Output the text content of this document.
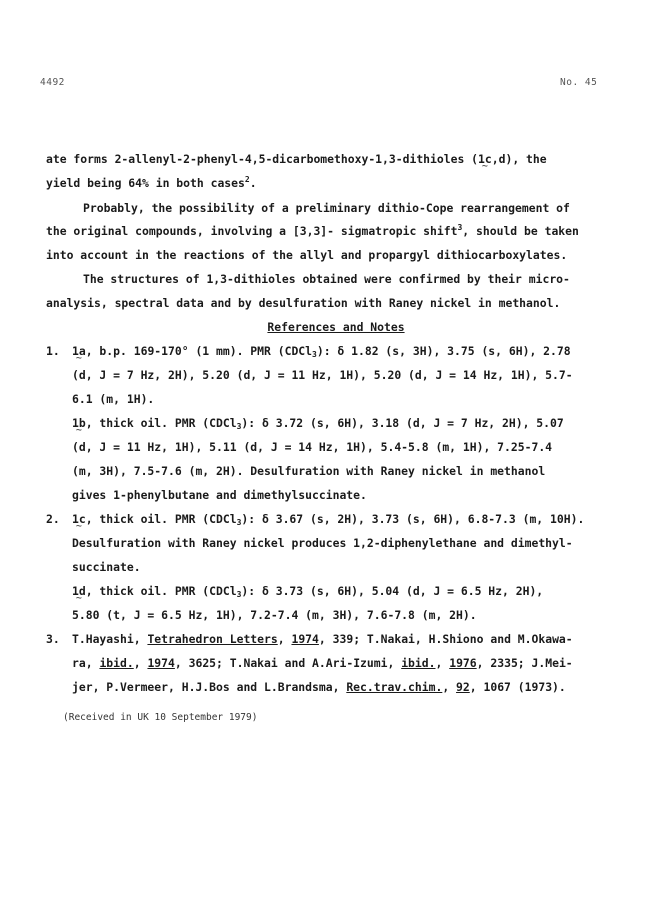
4492	No. 45
ate forms 2-allenyl-2-phenyl-4,5-dicarbomethoxy-1,3-dithioles (1c ~,d), the
yield being 64% in both cases$^2$.
Probably, the possibility of a preliminary dithio-Cope rearrangement of
the original compounds, involving a [3,3]- sigmatropic shift$^3$, should be taken
into account in the reactions of the allyl and propargyl dithiocarboxylates.
The structures of 1,3-dithioles obtained were confirmed by their micro-
analysis, spectral data and by desulfuration with Raney nickel in methanol.
References and Notes
1. 1a ~, b.p. 169-170° (1 mm). PMR (CDCl$_3$): δ 1.82 (s, 3H), 3.75 (s, 6H), 2.78
(d, J = 7 Hz, 2H), 5.20 (d, J = 11 Hz, 1H), 5.20 (d, J = 14 Hz, 1H), 5.7-
6.1 (m, 1H).
1b ~, thick oil. PMR (CDCl$_3$): δ 3.72 (s, 6H), 3.18 (d, J = 7 Hz, 2H), 5.07
(d, J = 11 Hz, 1H), 5.11 (d, J = 14 Hz, 1H), 5.4-5.8 (m, 1H), 7.25-7.4
(m, 3H), 7.5-7.6 (m, 2H). Desulfuration with Raney nickel in methanol
gives 1-phenylbutane and dimethylsuccinate.
2. 1c ~, thick oil. PMR (CDCl$_3$): δ 3.67 (s, 2H), 3.73 (s, 6H), 6.8-7.3 (m, 10H).
Desulfuration with Raney nickel produces 1,2-diphenylethane and dimethyl-
succinate.
1d ~, thick oil. PMR (CDCl$_3$): δ 3.73 (s, 6H), 5.04 (d, J = 6.5 Hz, 2H),
5.80 (t, J = 6.5 Hz, 1H), 7.2-7.4 (m, 3H), 7.6-7.8 (m, 2H).
3. T.Hayashi, Tetrahedron Letters, 1974, 339; T.Nakai, H.Shiono and M.Okawa-
ra, ibid., 1974, 3625; T.Nakai and A.Ari-Izumi, ibid., 1976, 2335; J.Mei-
jer, P.Vermeer, H.J.Bos and L.Brandsma, Rec.trav.chim., 92, 1067 (1973).
(Received in UK 10 September 1979)
